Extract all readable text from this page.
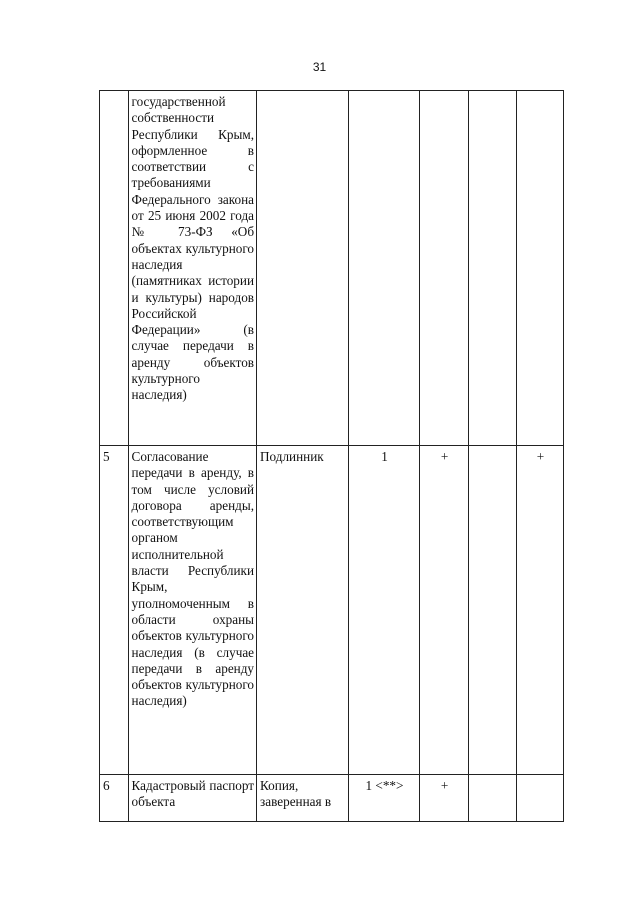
31
	государственной собственности Республики Крым, оформленное в соответствии с требованиями Федерального закона от 25 июня 2002 года № 73-ФЗ «Об объектах культурного наследия (памятниках истории и культуры) народов Российской Федерации» (в случае передачи в аренду объектов культурного наследия)					
5	Согласование передачи в аренду, в том числе условий договора аренды, соответствующим органом исполнительной власти Республики Крым, уполномоченным в области охраны объектов культурного наследия (в случае передачи в аренду объектов культурного наследия)	Подлинник	1	+		+
6	Кадастровый паспорт объекта	Копия, заверенная в	1 <**>	+		
